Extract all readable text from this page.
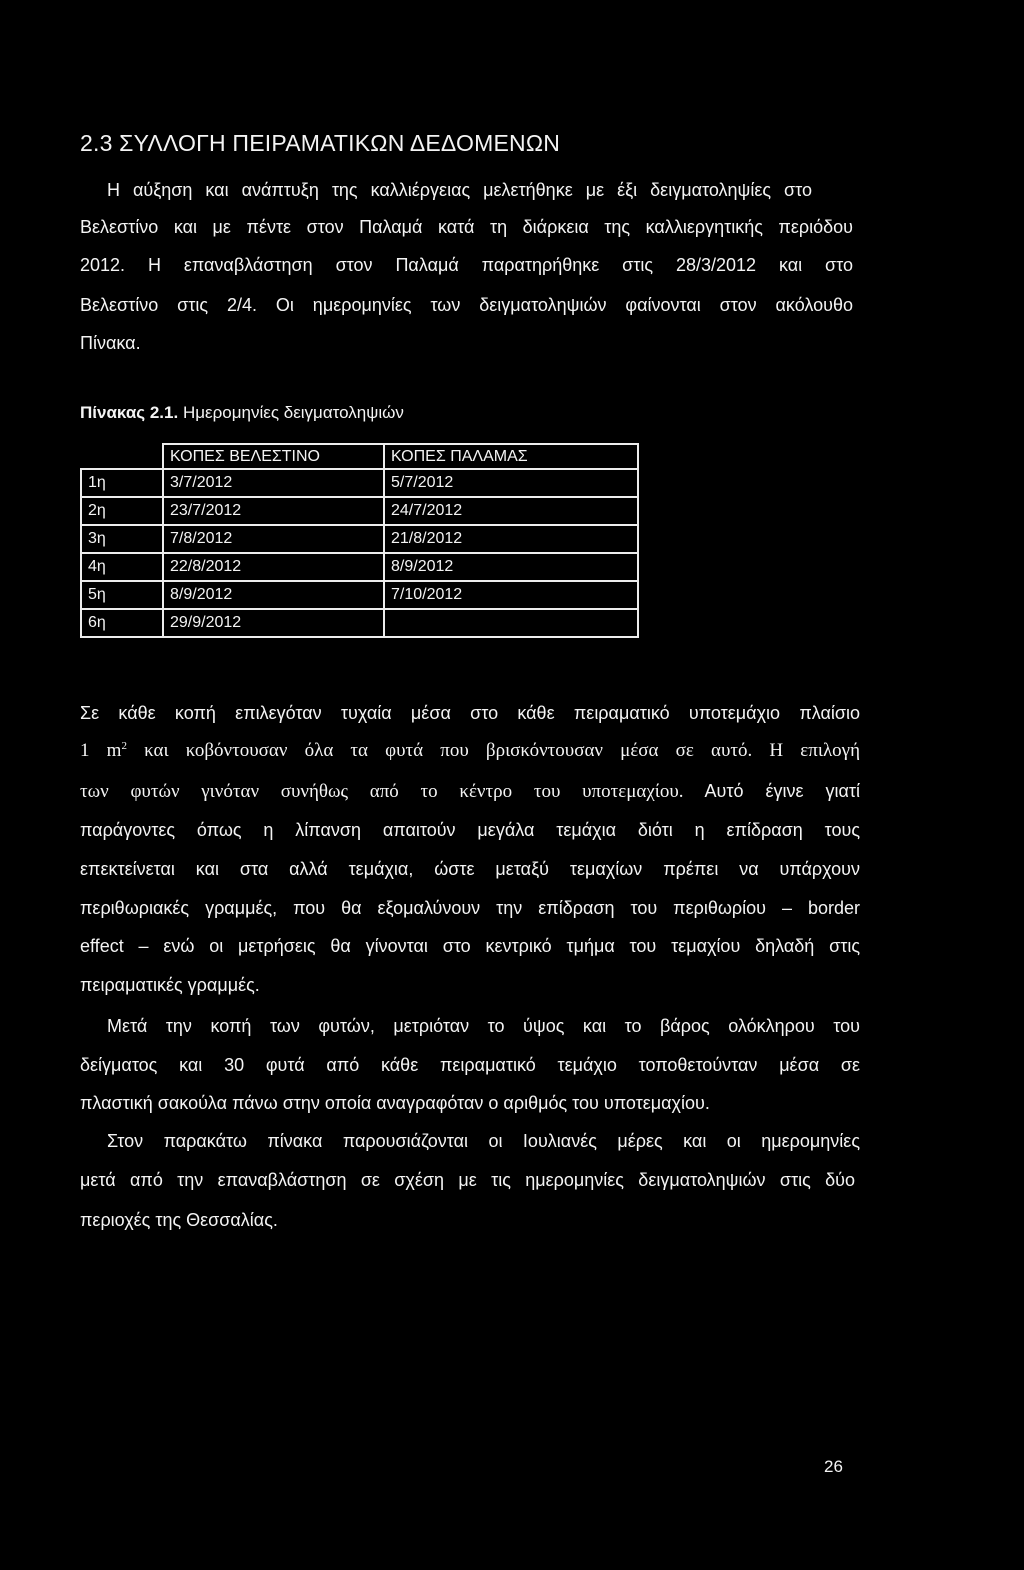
2.3 ΣΥΛΛΟΓΗ ΠΕΙΡΑΜΑΤΙΚΩΝ ΔΕΔΟΜΕΝΩΝ
Η αύξηση και ανάπτυξη της καλλιέργειας μελετήθηκε με έξι δειγματοληψίες στο
Βελεστίνο και με πέντε στον Παλαμά κατά τη διάρκεια της καλλιεργητικής περιόδου
2012. Η επαναβλάστηση στον Παλαμά παρατηρήθηκε στις 28/3/2012 και στο
Βελεστίνο στις 2/4. Οι ημερομηνίες των δειγματοληψιών φαίνονται στον ακόλουθο
Πίνακα.
Πίνακας 2.1. Ημερομηνίες δειγματοληψιών
	ΚΟΠΕΣ ΒΕΛΕΣΤΙΝΟ	ΚΟΠΕΣ ΠΑΛΑΜΑΣ
1η	3/7/2012	5/7/2012
2η	23/7/2012	24/7/2012
3η	7/8/2012	21/8/2012
4η	22/8/2012	8/9/2012
5η	8/9/2012	7/10/2012
6η	29/9/2012	
Σε κάθε κοπή επιλεγόταν τυχαία μέσα στο κάθε πειραματικό υποτεμάχιο πλαίσιο
1 $m^2$ και κοβόντουσαν όλα τα φυτά που βρισκόντουσαν μέσα σε αυτό. Η επιλογή
των φυτών γινόταν συνήθως από το κέντρο του υποτεμαχίου. Αυτό έγινε γιατί
παράγοντες όπως η λίπανση απαιτούν μεγάλα τεμάχια διότι η επίδραση τους
επεκτείνεται και στα αλλά τεμάχια, ώστε μεταξύ τεμαχίων πρέπει να υπάρχουν
περιθωριακές γραμμές, που θα εξομαλύνουν την επίδραση του περιθωρίου – border
effect – ενώ οι μετρήσεις θα γίνονται στο κεντρικό τμήμα του τεμαχίου δηλαδή στις
πειραματικές γραμμές.
Μετά την κοπή των φυτών, μετριόταν το ύψος και το βάρος ολόκληρου του
δείγματος και 30 φυτά από κάθε πειραματικό τεμάχιο τοποθετούνταν μέσα σε
πλαστική σακούλα πάνω στην οποία αναγραφόταν ο αριθμός του υποτεμαχίου.
Στον παρακάτω πίνακα παρουσιάζονται οι Ιουλιανές μέρες και οι ημερομηνίες
μετά από την επαναβλάστηση σε σχέση με τις ημερομηνίες δειγματοληψιών στις δύο
περιοχές της Θεσσαλίας.
26
